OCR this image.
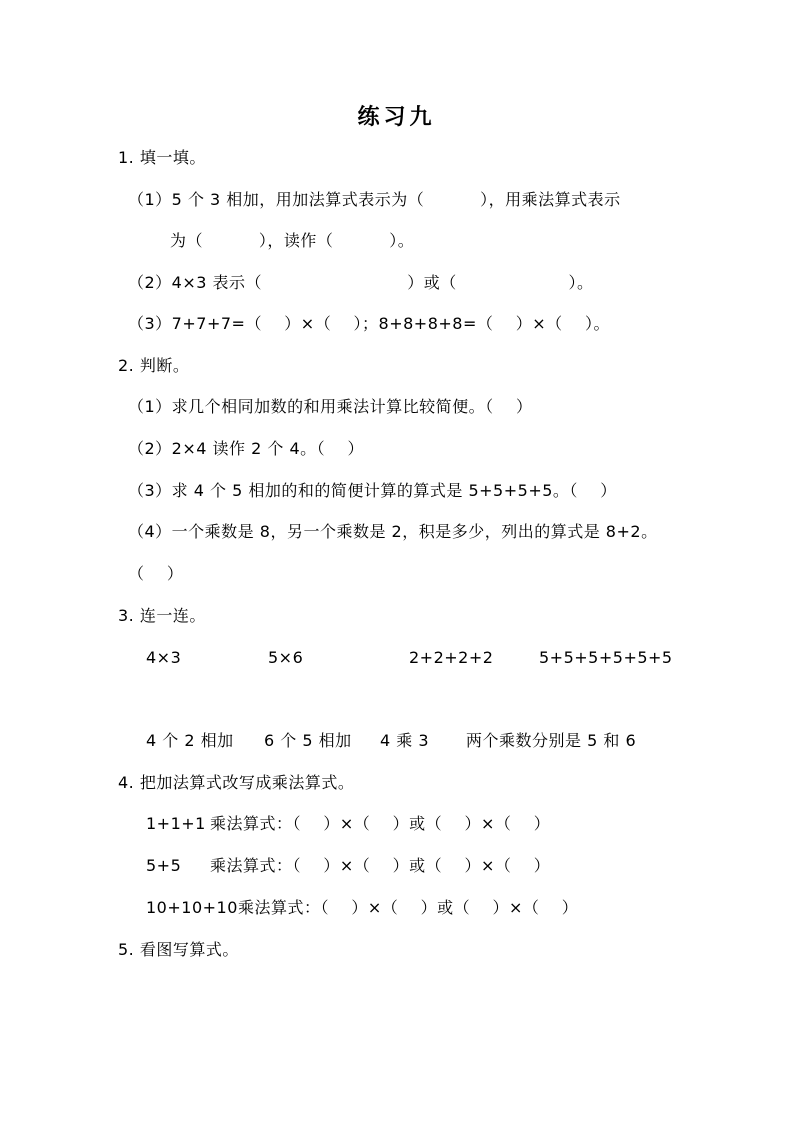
练习九
1. 填一填。
（1）5 个 3 相加，用加法算式表示为（          ），用乘法算式表示
为（          ），读作（          ）。
（2）4×3 表示（                          ）或（                    ）。
（3）7+7+7=（    ）×（    ）；8+8+8+8=（    ）×（    ）。
2. 判断。
（1）求几个相同加数的和用乘法计算比较简便。（    ）
（2）2×4 读作 2 个 4。（    ）
（3）求 4 个 5 相加的和的简便计算的算式是 5+5+5+5。（    ）
（4）一个乘数是 8，另一个乘数是 2，积是多少，列出的算式是 8+2。
（    ）
3. 连一连。
4×3	5×6	2+2+2+2	5+5+5+5+5+5
4 个 2 相加 6 个 5 相加 4 乘 3 两个乘数分别是 5 和 6
4. 把加法算式改写成乘法算式。
1+1+1 乘法算式：（    ）×（    ）或（    ）×（    ）
5+5 乘法算式：（    ）×（    ）或（    ）×（    ）
10+10+10 乘法算式：（    ）×（    ）或（    ）×（    ）
5. 看图写算式。
